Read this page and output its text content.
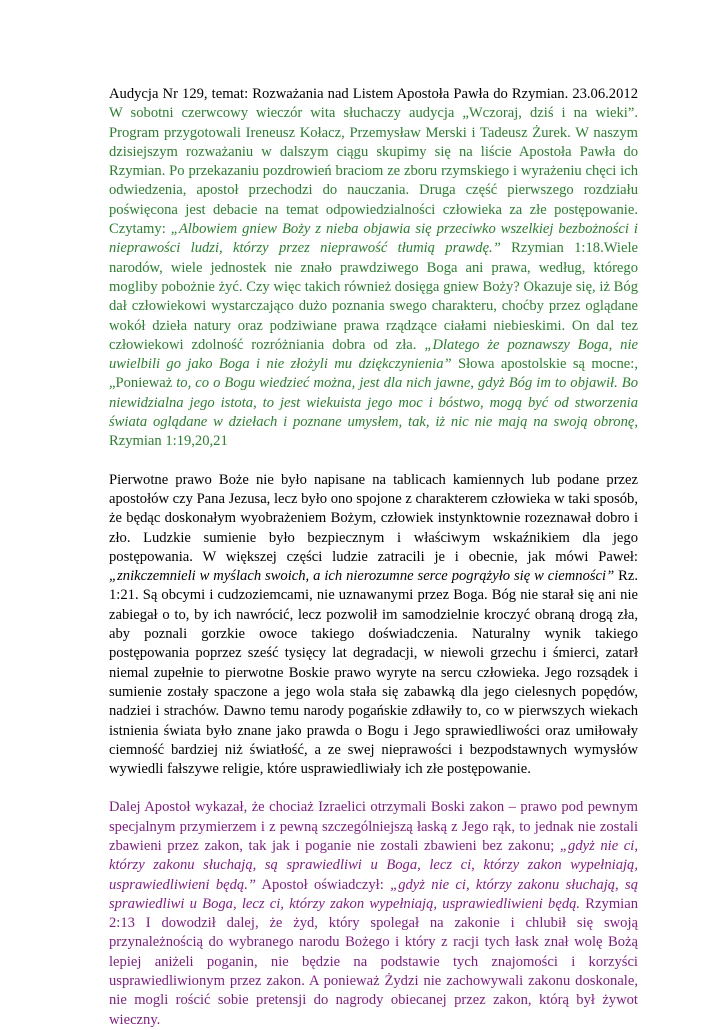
Audycja Nr 129, temat: Rozważania nad Listem Apostoła Pawła do Rzymian. 23.06.2012 W sobotni czerwcowy wieczór wita słuchaczy audycja „Wczoraj, dziś i na wieki”. Program przygotowali Ireneusz Kołacz, Przemysław Merski i Tadeusz Żurek. W naszym dzisiejszym rozważaniu w dalszym ciągu skupimy się na liście Apostoła Pawła do Rzymian. Po przekazaniu pozdrowień braciom ze zboru rzymskiego i wyrażeniu chęci ich odwiedzenia, apostoł przechodzi do nauczania. Druga część pierwszego rozdziału poświęcona jest debacie na temat odpowiedzialności człowieka za złe postępowanie. Czytamy: „Albowiem gniew Boży z nieba objawia się przeciwko wszelkiej bezbożności i nieprawości ludzi, którzy przez nieprawość tłumią prawdę.” Rzymian 1:18.Wiele narodów, wiele jednostek nie znało prawdziwego Boga ani prawa, według, którego mogliby pobożnie żyć. Czy więc takich również dosięga gniew Boży? Okazuje się, iż Bóg dał człowiekowi wystarczająco dużo poznania swego charakteru, choćby przez oglądane wokół dzieła natury oraz podziwiane prawa rządzące ciałami niebieskimi. On dal tez człowiekowi zdolność rozróżniania dobra od zła. „Dlatego że poznawszy Boga, nie uwielbili go jako Boga i nie złożyli mu dziękczynienia” Słowa apostolskie są mocne:, „Ponieważ to, co o Bogu wiedzieć można, jest dla nich jawne, gdyż Bóg im to objawił. Bo niewidzialna jego istota, to jest wiekuista jego moc i bóstwo, mogą być od stworzenia świata oglądane w dziełach i poznane umysłem, tak, iż nic nie mają na swoją obronę, Rzymian 1:19,20,21

Pierwotne prawo Boże nie było napisane na tablicach kamiennych lub podane przez apostołów czy Pana Jezusa, lecz było ono spojone z charakterem człowieka w taki sposób, że będąc doskonałym wyobrażeniem Bożym, człowiek instynktownie rozeznawał dobro i zło. Ludzkie sumienie było bezpiecznym i właściwym wskaźnikiem dla jego postępowania. W większej części ludzie zatracili je i obecnie, jak mówi Paweł:„znikczemnieli w myślach swoich, a ich nierozumne serce pogrążyło się w ciemności” Rz. 1:21. Są obcymi i cudzoziemcami, nie uznawanymi przez Boga. Bóg nie starał się ani nie zabiegał o to, by ich nawrócić, lecz pozwolił im samodzielnie kroczyć obraną drogą zła, aby poznali gorzkie owoce takiego doświadczenia. Naturalny wynik takiego postępowania poprzez sześć tysięcy lat degradacji, w niewoli grzechu i śmierci, zatarł niemal zupełnie to pierwotne Boskie prawo wyryte na sercu człowieka. Jego rozsądek i sumienie zostały spaczone a jego wola stała się zabawką dla jego cielesnych popędów, nadziei i strachów. Dawno temu narody pogańskie zdławiły to, co w pierwszych wiekach istnienia świata było znane jako prawda o Bogu i Jego sprawiedliwości oraz umiłowały ciemność bardziej niż światłość, a ze swej nieprawości i bezpodstawnych wymysłów wywiedli fałszywe religie, które usprawiedliwiały ich złe postępowanie.

Dalej Apostoł wykazał, że chociaż Izraelici otrzymali Boski zakon – prawo pod pewnym specjalnym przymierzem i z pewną szczególniejszą łaską z Jego rąk, to jednak nie zostali zbawieni przez zakon, tak jak i poganie nie zostali zbawieni bez zakonu; „gdyż nie ci, którzy zakonu słuchają, są sprawiedliwi u Boga, lecz ci, którzy zakon wypełniają, usprawiedliwieni będą.” Apostoł oświadczył: „gdyż nie ci, którzy zakonu słuchają, są sprawiedliwi u Boga, lecz ci, którzy zakon wypełniają, usprawiedliwieni będą. Rzymian 2:13 I dowodził dalej, że żyd, który spolegał na zakonie i chlubił się swoją przynależnością do wybranego narodu Bożego i który z racji tych łask znał wolę Bożą lepiej aniżeli poganin, nie będzie na podstawie tych znajomości i korzyści usprawiedliwionym przez zakon. A ponieważ Żydzi nie zachowywali zakonu doskonale, nie mogli rościć sobie pretensji do nagrody obiecanej przez zakon, którą był żywot wieczny.
